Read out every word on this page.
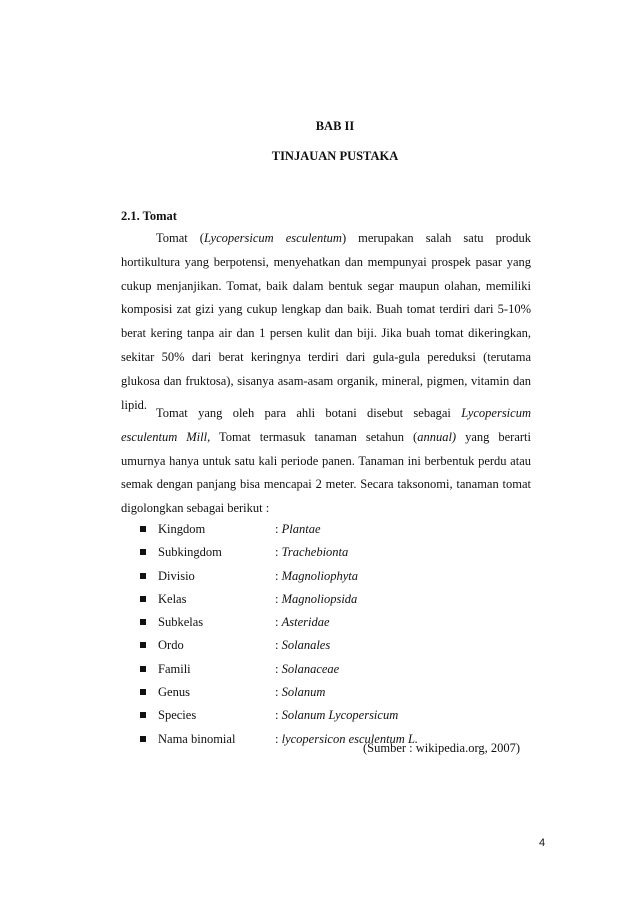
BAB II
TINJAUAN PUSTAKA
2.1. Tomat

Tomat (Lycopersicum esculentum) merupakan salah satu produk hortikultura yang berpotensi, menyehatkan dan mempunyai prospek pasar yang cukup menjanjikan. Tomat, baik dalam bentuk segar maupun olahan, memiliki komposisi zat gizi yang cukup lengkap dan baik. Buah tomat terdiri dari 5-10% berat kering tanpa air dan 1 persen kulit dan biji. Jika buah tomat dikeringkan, sekitar 50% dari berat keringnya terdiri dari gula-gula pereduksi (terutama glukosa dan fruktosa), sisanya asam-asam organik, mineral, pigmen, vitamin dan lipid.

Tomat yang oleh para ahli botani disebut sebagai Lycopersicum esculentum Mill, Tomat termasuk tanaman setahun (annual) yang berarti umurnya hanya untuk satu kali periode panen. Tanaman ini berbentuk perdu atau semak dengan panjang bisa mencapai 2 meter. Secara taksonomi, tanaman tomat digolongkan sebagai berikut :

Kingdom	: Plantae
Subkingdom	: Trachebionta
Divisio	: Magnoliophyta
Kelas	: Magnoliopsida
Subkelas	: Asteridae
Ordo	: Solanales
Famili	: Solanaceae
Genus	: Solanum
Species	: Solanum Lycopersicum
Nama binomial	: lycopersicon esculentum L.
(Sumber : wikipedia.org, 2007)
4
